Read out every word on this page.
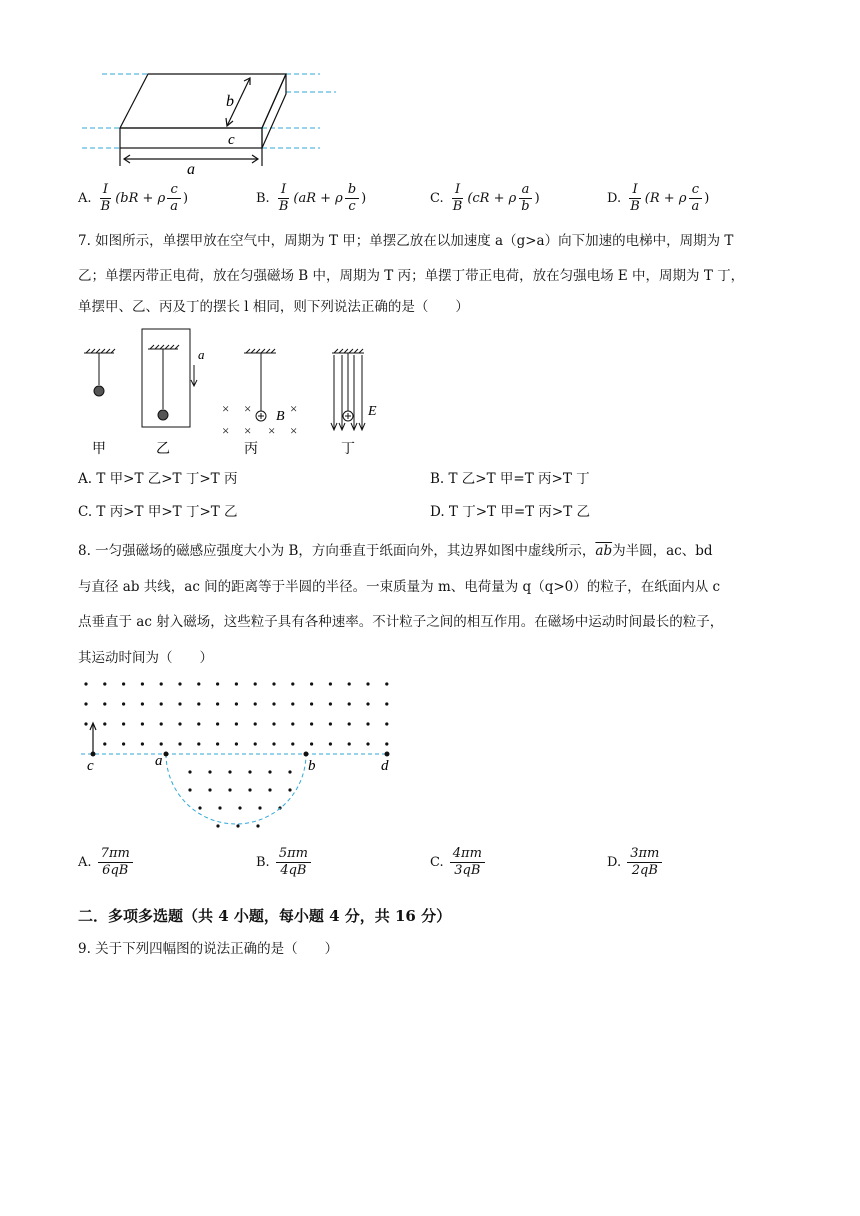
b
c
a
A.
$\frac{I}{B} (bR + \rho \frac{c}{a}$ )	B.
$\frac{I}{B} (aR + \rho \frac{b}{c}$ )	C.
$\frac{I}{B} (cR + \rho \frac{a}{b}$ )	D.
$\frac{I}{B} (R + \rho \frac{c}{a}$ )
7. 如图所示，单摆甲放在空气中，周期为 T 甲；单摆乙放在以加速度 a（g>a）向下加速的电梯中，周期为 T
乙；单摆丙带正电荷，放在匀强磁场 B 中，周期为 T 丙；单摆丁带正电荷，放在匀强电场 E 中，周期为 T 丁，
单摆甲、乙、丙及丁的摆长 l 相同，则下列说法正确的是（　　）
× ×	×
× × × ×
a
B	E
甲	乙	丙	丁
A. T 甲>T 乙>T 丁>T 丙	B. T 乙>T 甲=T 丙>T 丁
C. T 丙>T 甲>T 丁>T 乙	D. T 丁>T 甲=T 丙>T 乙
8. 一匀强磁场的磁感应强度大小为 B，方向垂直于纸面向外，其边界如图中虚线所示，$\overline{ab}$为半圆，ac、bd
与直径 ab 共线，ac 间的距离等于半圆的半径。一束质量为 m、电荷量为 q（q>0）的粒子，在纸面内从 c
点垂直于 ac 射入磁场，这些粒子具有各种速率。不计粒子之间的相互作用。在磁场中运动时间最长的粒子，
其运动时间为（　　）
c	a	b	d
A.
$\frac{7\pi m}{6qB}$	B.
$\frac{5\pi m}{4qB}$	C.
$\frac{4\pi m}{3qB}$	D.
$\frac{3\pi m}{2qB}$
二．多项多选题（共 4 小题，每小题 4 分，共 16 分）
9. 关于下列四幅图的说法正确的是（　　）
